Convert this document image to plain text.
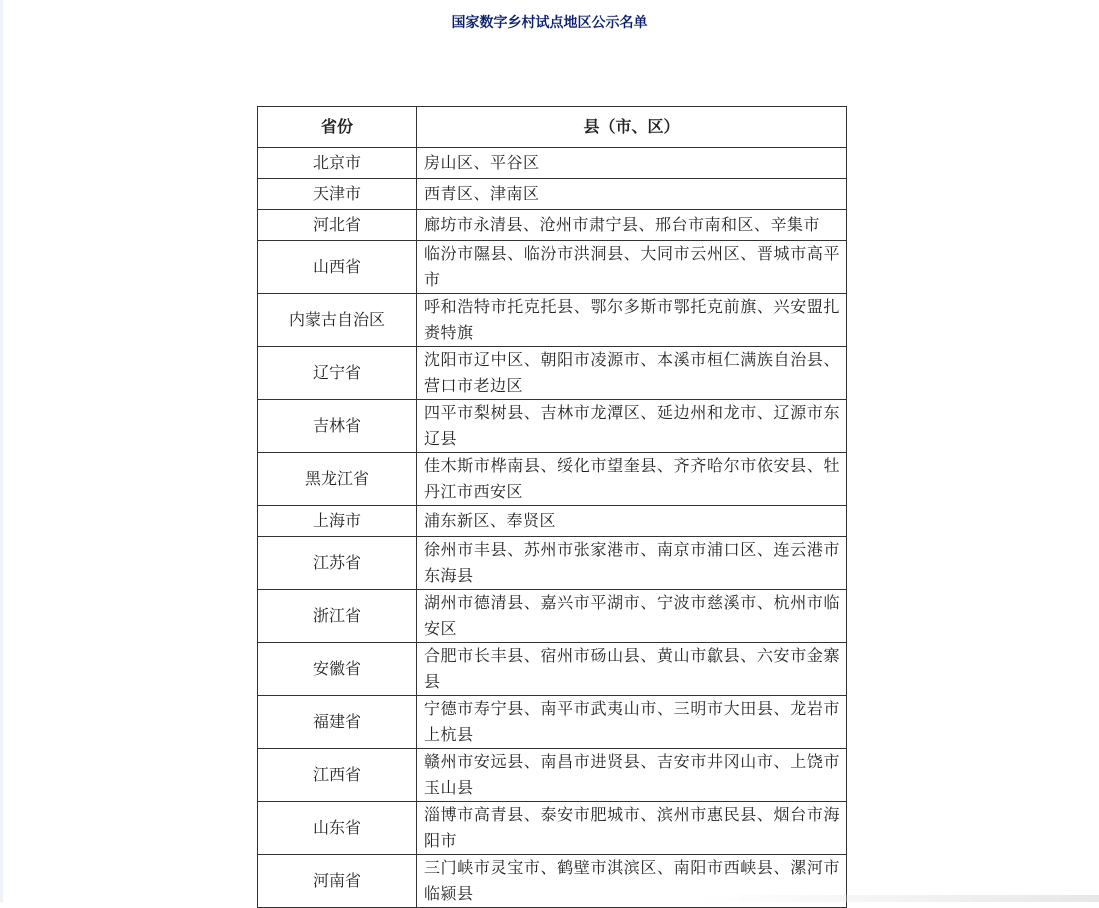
国家数字乡村试点地区公示名单
省份	县（市、区）
北京市	房山区、平谷区
天津市	西青区、津南区
河北省	廊坊市永清县、沧州市肃宁县、邢台市南和区、辛集市
山西省	临汾市隰县、临汾市洪洞县、大同市云州区、晋城市高平市
内蒙古自治区	呼和浩特市托克托县、鄂尔多斯市鄂托克前旗、兴安盟扎赉特旗
辽宁省	沈阳市辽中区、朝阳市凌源市、本溪市桓仁满族自治县、营口市老边区
吉林省	四平市梨树县、吉林市龙潭区、延边州和龙市、辽源市东辽县
黑龙江省	佳木斯市桦南县、绥化市望奎县、齐齐哈尔市依安县、牡丹江市西安区
上海市	浦东新区、奉贤区
江苏省	徐州市丰县、苏州市张家港市、南京市浦口区、连云港市东海县
浙江省	湖州市德清县、嘉兴市平湖市、宁波市慈溪市、杭州市临安区
安徽省	合肥市长丰县、宿州市砀山县、黄山市歙县、六安市金寨县
福建省	宁德市寿宁县、南平市武夷山市、三明市大田县、龙岩市上杭县
江西省	赣州市安远县、南昌市进贤县、吉安市井冈山市、上饶市玉山县
山东省	淄博市高青县、泰安市肥城市、滨州市惠民县、烟台市海阳市
河南省	三门峡市灵宝市、鹤壁市淇滨区、南阳市西峡县、漯河市临颍县
